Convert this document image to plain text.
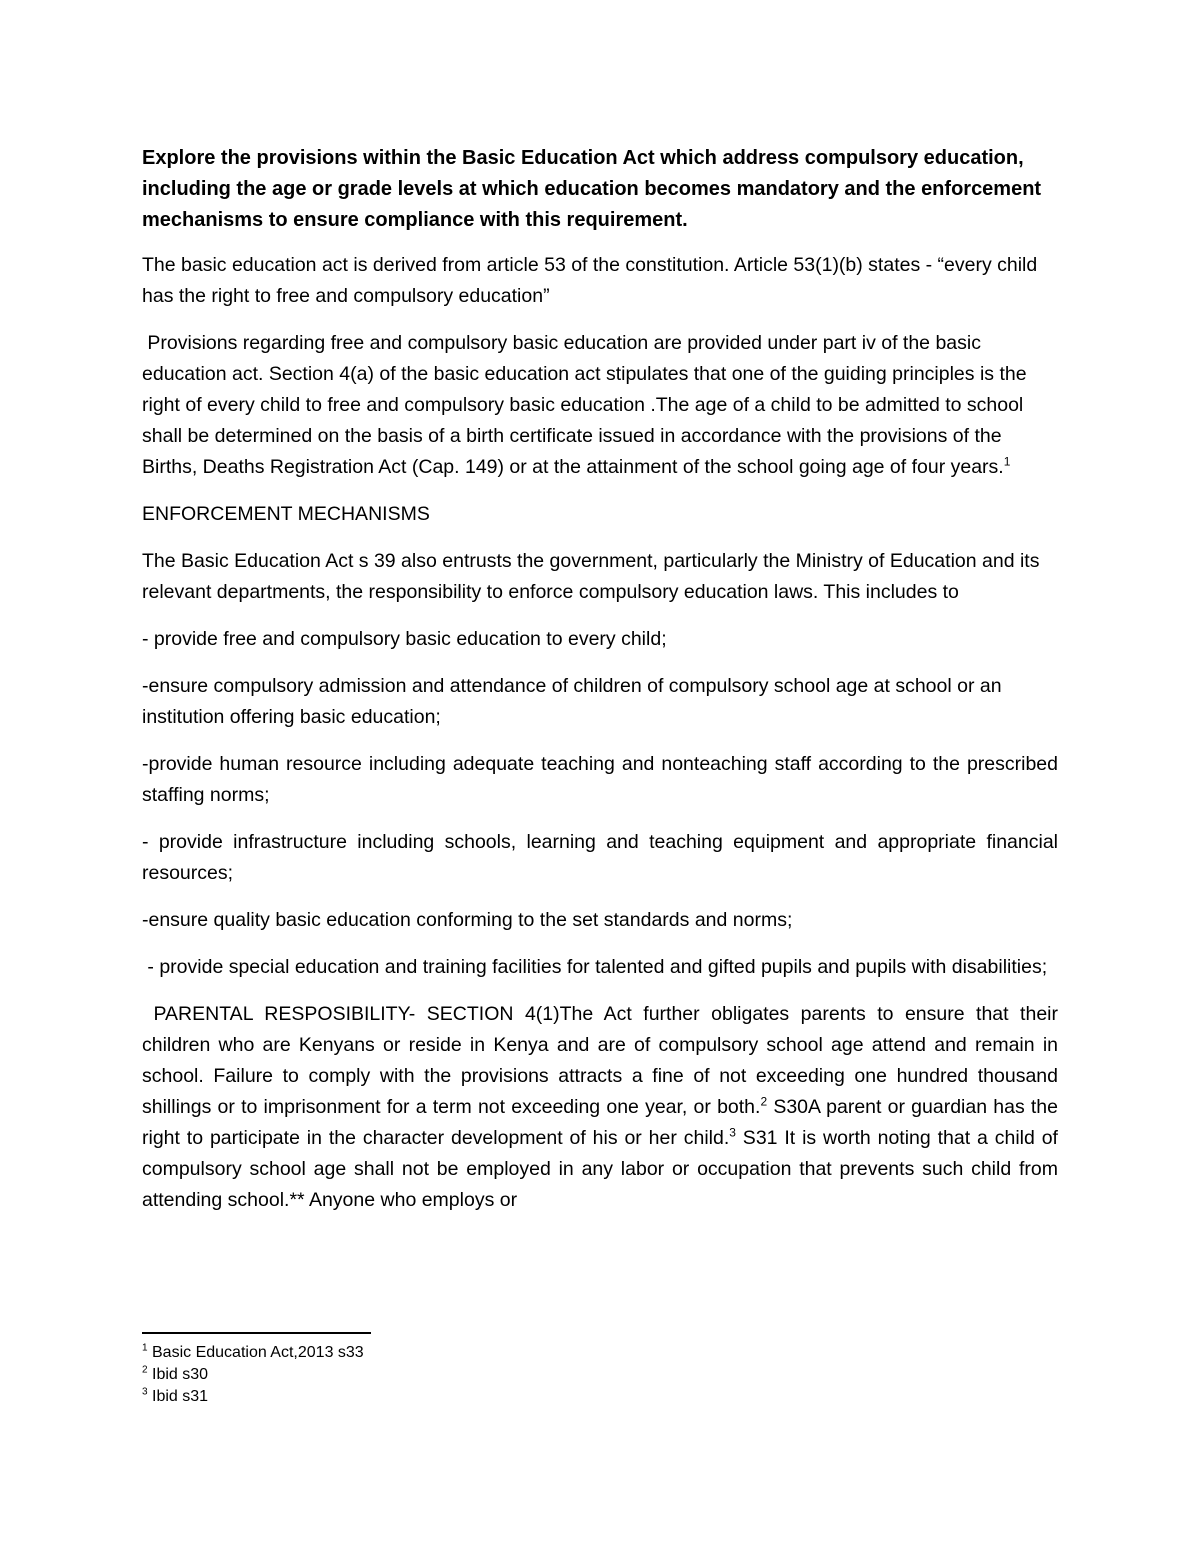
Explore the provisions within the Basic Education Act which address compulsory education, including the age or grade levels at which education becomes mandatory and the enforcement mechanisms to ensure compliance with this requirement.

The basic education act is derived from article 53 of the constitution. Article 53(1)(b) states - “every child has the right to free and compulsory education”

Provisions regarding free and compulsory basic education are provided under part iv of the basic education act. Section 4(a) of the basic education act stipulates that one of the guiding principles is the right of every child to free and compulsory basic education .The age of a child to be admitted to school shall be determined on the basis of a birth certificate issued in accordance with the provisions of the Births, Deaths Registration Act (Cap. 149) or at the attainment of the school going age of four years.$^1$

ENFORCEMENT MECHANISMS

The Basic Education Act s 39 also entrusts the government, particularly the Ministry of Education and its relevant departments, the responsibility to enforce compulsory education laws. This includes to

- provide free and compulsory basic education to every child;

-ensure compulsory admission and attendance of children of compulsory school age at school or an institution offering basic education;

-provide human resource including adequate teaching and nonteaching staff according to the prescribed staffing norms;

- provide infrastructure including schools, learning and teaching equipment and appropriate financial resources;

-ensure quality basic education conforming to the set standards and norms;

- provide special education and training facilities for talented and gifted pupils and pupils with disabilities;

PARENTAL RESPOSIBILITY- SECTION 4(1)The Act further obligates parents to ensure that their children who are Kenyans or reside in Kenya and are of compulsory school age attend and remain in school. Failure to comply with the provisions attracts a fine of not exceeding one hundred thousand shillings or to imprisonment for a term not exceeding one year, or both.$^2$ S30A parent or guardian has the right to participate in the character development of his or her child.$^3$ S31 It is worth noting that a child of compulsory school age shall not be employed in any labor or occupation that prevents such child from attending school.** Anyone who employs or

$^1$ Basic Education Act,2013 s33

$^2$ Ibid s30

$^3$ Ibid s31
